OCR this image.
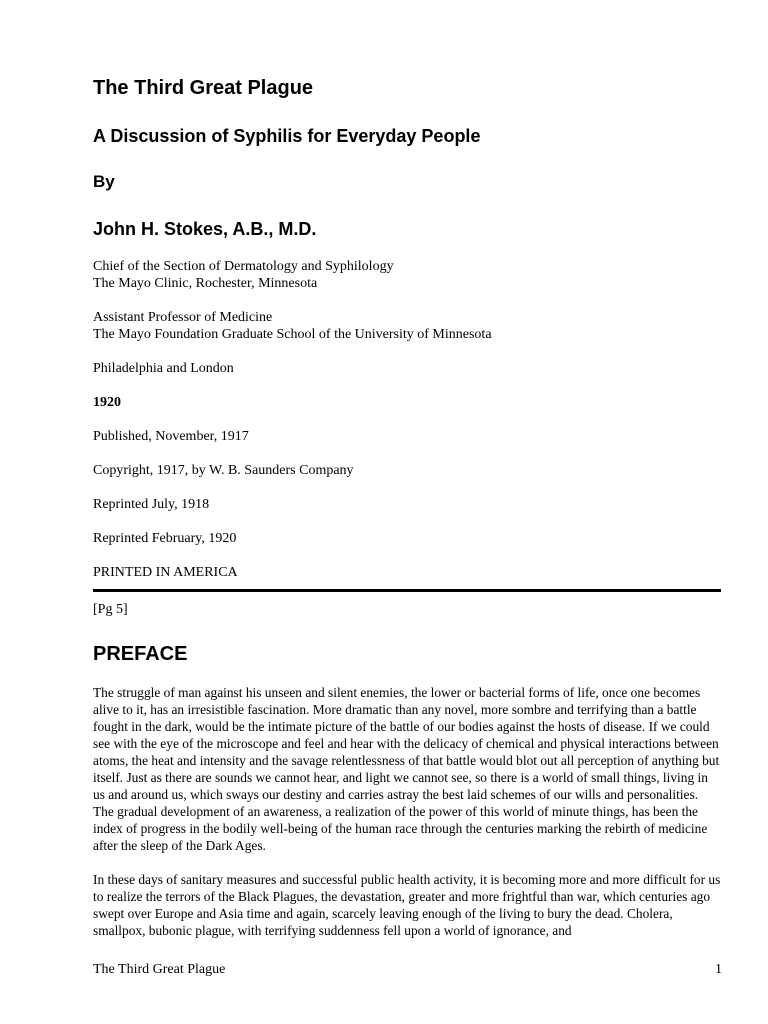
The Third Great Plague
A Discussion of Syphilis for Everyday People
By
John H. Stokes, A.B., M.D.

Chief of the Section of Dermatology and Syphilology

The Mayo Clinic, Rochester, Minnesota

Assistant Professor of Medicine

The Mayo Foundation Graduate School of the University of Minnesota

Philadelphia and London

1920

Published, November, 1917

Copyright, 1917, by W. B. Saunders Company

Reprinted July, 1918

Reprinted February, 1920

PRINTED IN AMERICA

[Pg 5]

PREFACE

The struggle of man against his unseen and silent enemies, the lower or bacterial forms of life, once one becomes alive to it, has an irresistible fascination. More dramatic than any novel, more sombre and terrifying than a battle fought in the dark, would be the intimate picture of the battle of our bodies against the hosts of disease. If we could see with the eye of the microscope and feel and hear with the delicacy of chemical and physical interactions between atoms, the heat and intensity and the savage relentlessness of that battle would blot out all perception of anything but itself. Just as there are sounds we cannot hear, and light we cannot see, so there is a world of small things, living in us and around us, which sways our destiny and carries astray the best laid schemes of our wills and personalities. The gradual development of an awareness, a realization of the power of this world of minute things, has been the index of progress in the bodily well-being of the human race through the centuries marking the rebirth of medicine after the sleep of the Dark Ages.

In these days of sanitary measures and successful public health activity, it is becoming more and more difficult for us to realize the terrors of the Black Plagues, the devastation, greater and more frightful than war, which centuries ago swept over Europe and Asia time and again, scarcely leaving enough of the living to bury the dead. Cholera, smallpox, bubonic plague, with terrifying suddenness fell upon a world of ignorance, and

The Third Great Plague	1
